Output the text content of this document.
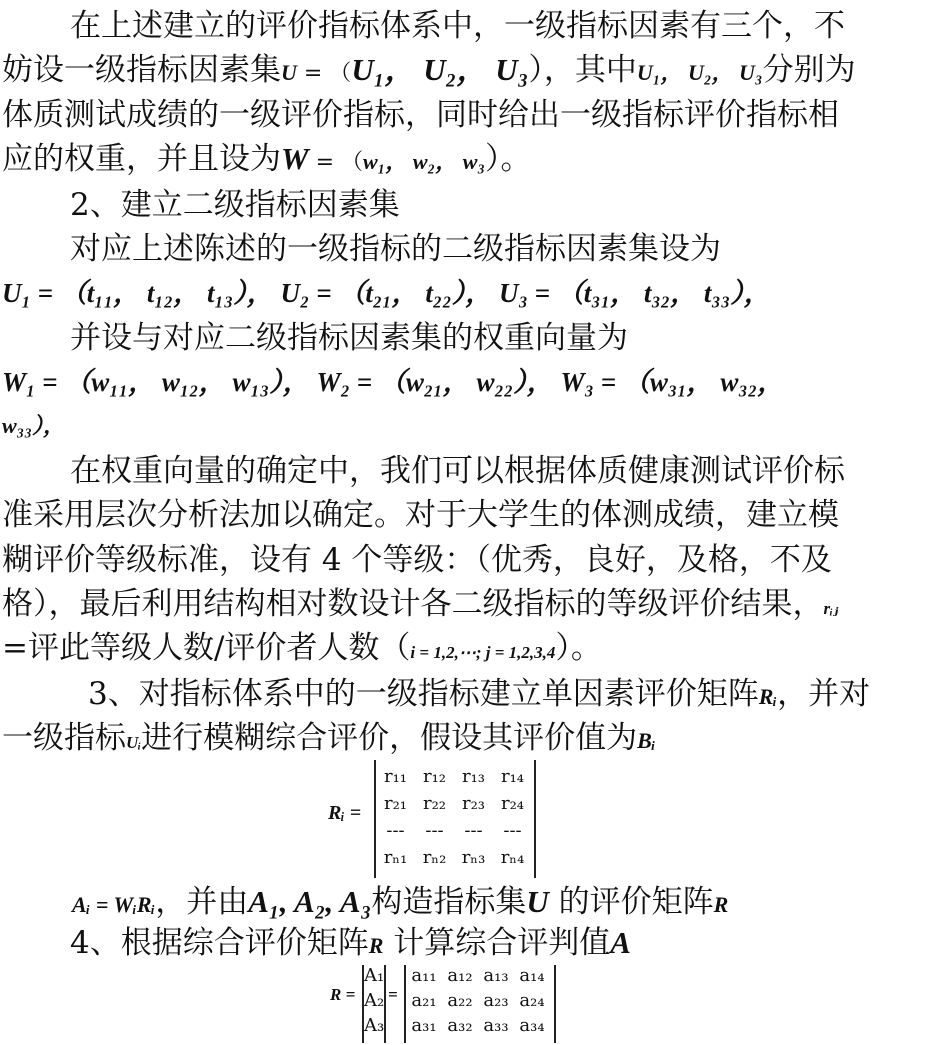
在上述建立的评价指标体系中，一级指标因素有三个，不
妨设一级指标因素集U = （U₁， U₂， U₃），其中U₁， U₂， U₃分别为
体质测试成绩的一级评价指标，同时给出一级指标评价指标相
应的权重，并且设为W = （w₁， w₂， w₃）。
2、建立二级指标因素集
对应上述陈述的一级指标的二级指标因素集设为
U₁ = （t₁₁， t₁₂， t₁₃）， U₂ = （t₂₁， t₂₂）， U₃ = （t₃₁， t₃₂， t₃₃），
并设与对应二级指标因素集的权重向量为
W₁ = （w₁₁， w₁₂， w₁₃）， W₂ = （w₂₁， w₂₂）， W₃ = （w₃₁， w₃₂，
w₃₃），
在权重向量的确定中，我们可以根据体质健康测试评价标
准采用层次分析法加以确定。对于大学生的体测成绩，建立模
糊评价等级标准，设有 4 个等级：（优秀，良好，及格，不及
格），最后利用结构相对数设计各二级指标的等级评价结果，rᵢⱼ
=评此等级人数/评价者人数（i = 1,2,⋯; j = 1,2,3,4）。
3、对指标体系中的一级指标建立单因素评价矩阵Rᵢ，并对
一级指标Uᵢ进行模糊综合评价，假设其评价值为Bᵢ
Rᵢ =
r₁₁ r₁₂ r₁₃ r₁₄
r₂₁ r₂₂ r₂₃ r₂₄
---	---	---	---
rₙ₁ rₙ₂ rₙ₃ rₙ₄
Aᵢ = WᵢRᵢ，并由A₁, A₂, A₃构造指标集U 的评价矩阵R
4、根据综合评价矩阵R 计算综合评判值A
R =
A₁
A₂
A₃
=
a₁₁ a₁₂ a₁₃ a₁₄
a₂₁ a₂₂ a₂₃ a₂₄
a₃₁ a₃₂ a₃₃ a₃₄
